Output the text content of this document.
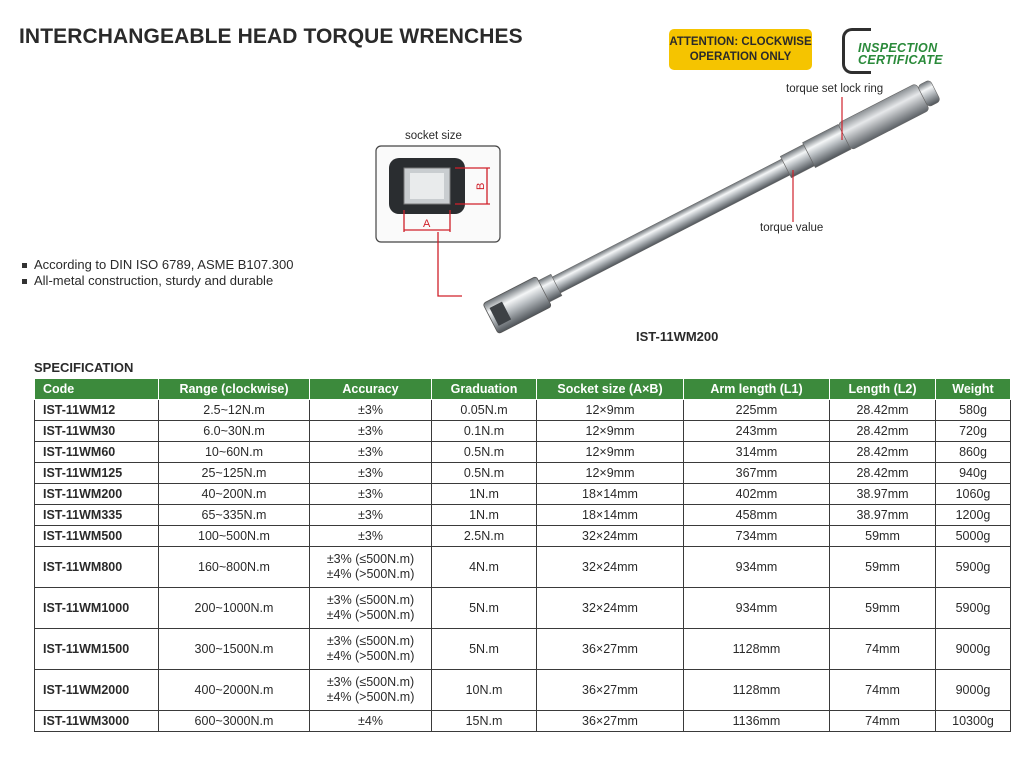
INTERCHANGEABLE HEAD TORQUE WRENCHES	ATTENTION: CLOCKWISE
OPERATION ONLY
INSPECTION
CERTIFICATE
A
B
socket size
torque set lock ring
torque value
According to DIN ISO 6789, ASME B107.300
All-metal construction, sturdy and durable
IST-11WM200
SPECIFICATION
Code	Range (clockwise)	Accuracy	Graduation	Socket size (A×B)	Arm length (L1)	Length (L2)	Weight
IST-11WM12	2.5~12N.m	±3%	0.05N.m	12×9mm	225mm	28.42mm	580g
IST-11WM30	6.0~30N.m	±3%	0.1N.m	12×9mm	243mm	28.42mm	720g
IST-11WM60	10~60N.m	±3%	0.5N.m	12×9mm	314mm	28.42mm	860g
IST-11WM125	25~125N.m	±3%	0.5N.m	12×9mm	367mm	28.42mm	940g
IST-11WM200	40~200N.m	±3%	1N.m	18×14mm	402mm	38.97mm	1060g
IST-11WM335	65~335N.m	±3%	1N.m	18×14mm	458mm	38.97mm	1200g
IST-11WM500	100~500N.m	±3%	2.5N.m	32×24mm	734mm	59mm	5000g
IST-11WM800	160~800N.m	±3% (≤500N.m)
±4% (>500N.m)	4N.m	32×24mm	934mm	59mm	5900g
IST-11WM1000	200~1000N.m	±3% (≤500N.m)
±4% (>500N.m)	5N.m	32×24mm	934mm	59mm	5900g
IST-11WM1500	300~1500N.m	±3% (≤500N.m)
±4% (>500N.m)	5N.m	36×27mm	1128mm	74mm	9000g
IST-11WM2000	400~2000N.m	±3% (≤500N.m)
±4% (>500N.m)	10N.m	36×27mm	1128mm	74mm	9000g
IST-11WM3000	600~3000N.m	±4%	15N.m	36×27mm	1136mm	74mm	10300g
